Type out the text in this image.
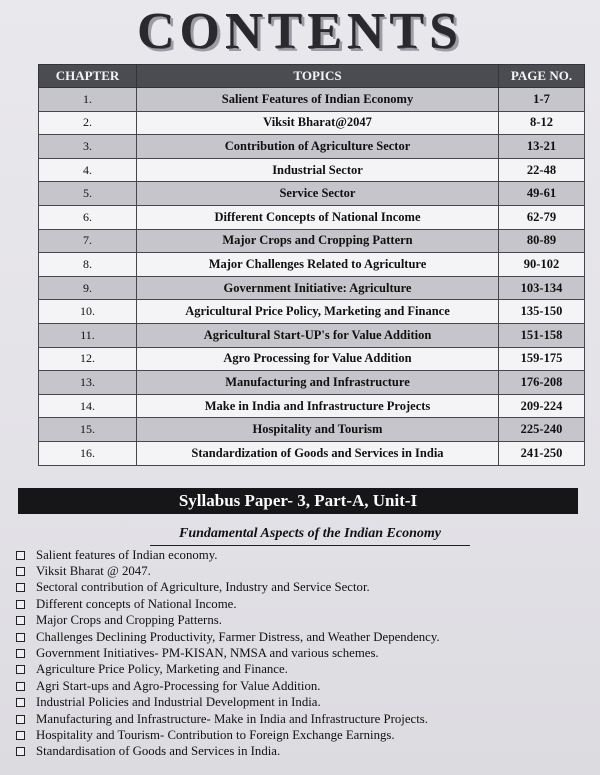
CONTENTS
CHAPTER	TOPICS	PAGE NO.
1.	Salient Features of Indian Economy	1-7
2.	Viksit Bharat@2047	8-12
3.	Contribution of Agriculture Sector	13-21
4.	Industrial Sector	22-48
5.	Service Sector	49-61
6.	Different Concepts of National Income	62-79
7.	Major Crops and Cropping Pattern	80-89
8.	Major Challenges Related to Agriculture	90-102
9.	Government Initiative: Agriculture	103-134
10.	Agricultural Price Policy, Marketing and Finance	135-150
11.	Agricultural Start-UP's for Value Addition	151-158
12.	Agro Processing for Value Addition	159-175
13.	Manufacturing and Infrastructure	176-208
14.	Make in India and Infrastructure Projects	209-224
15.	Hospitality and Tourism	225-240
16.	Standardization of Goods and Services in India	241-250
Syllabus Paper- 3, Part-A, Unit-I
Fundamental Aspects of the Indian Economy
Salient features of Indian economy.
Viksit Bharat @ 2047.
Sectoral contribution of Agriculture, Industry and Service Sector.
Different concepts of National Income.
Major Crops and Cropping Patterns.
Challenges Declining Productivity, Farmer Distress, and Weather Dependency.
Government Initiatives- PM-KISAN, NMSA and various schemes.
Agriculture Price Policy, Marketing and Finance.
Agri Start-ups and Agro-Processing for Value Addition.
Industrial Policies and Industrial Development in India.
Manufacturing and Infrastructure- Make in India and Infrastructure Projects.
Hospitality and Tourism- Contribution to Foreign Exchange Earnings.
Standardisation of Goods and Services in India.
